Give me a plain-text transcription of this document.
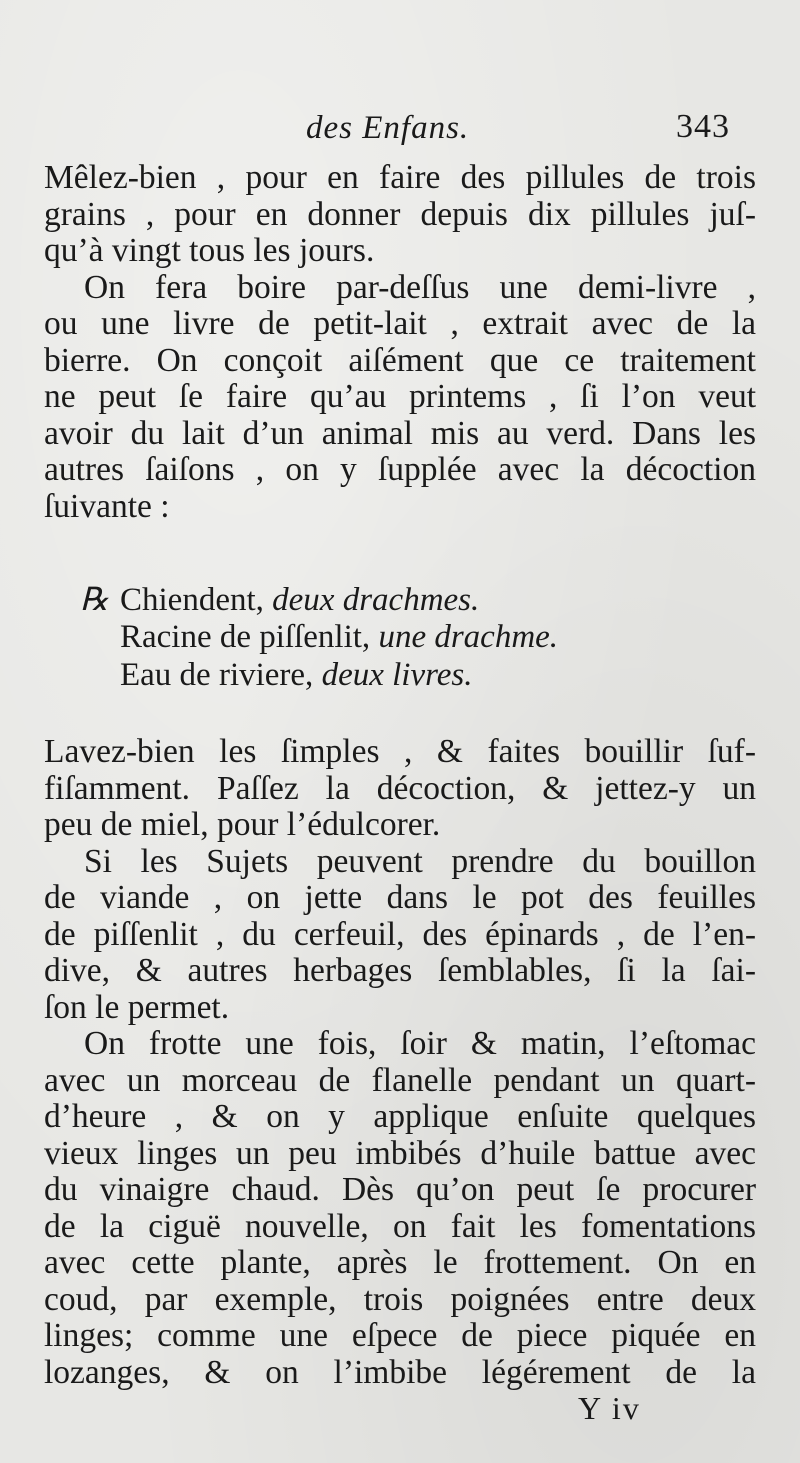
des Enfans.	343
Mêlez-bien , pour en faire des pillules de trois
grains , pour en donner depuis dix pillules juſ-
qu’à vingt tous les jours.
On fera boire par-deſſus une demi-livre ,
ou une livre de petit-lait , extrait avec de la
bierre. On conçoit aiſément que ce traitement
ne peut ſe faire qu’au printems , ſi l’on veut
avoir du lait d’un animal mis au verd. Dans les
autres ſaiſons , on y ſupplée avec la décoction
ſuivante :
℞ Chiendent, deux drachmes.
Racine de piſſenlit, une drachme.
Eau de riviere, deux livres.
Lavez-bien les ſimples , & faites bouillir ſuf-
fiſamment. Paſſez la décoction, & jettez-y un
peu de miel, pour l’édulcorer.
Si les Sujets peuvent prendre du bouillon
de viande , on jette dans le pot des feuilles
de piſſenlit , du cerfeuil, des épinards , de l’en-
dive, & autres herbages ſemblables, ſi la ſai-
ſon le permet.
On frotte une fois, ſoir & matin, l’eſtomac
avec un morceau de flanelle pendant un quart-
d’heure , & on y applique enſuite quelques
vieux linges un peu imbibés d’huile battue avec
du vinaigre chaud. Dès qu’on peut ſe procurer
de la ciguë nouvelle, on fait les fomentations
avec cette plante, après le frottement. On en
coud, par exemple, trois poignées entre deux
linges; comme une eſpece de piece piquée en
lozanges, & on l’imbibe légérement de la
Y iv
